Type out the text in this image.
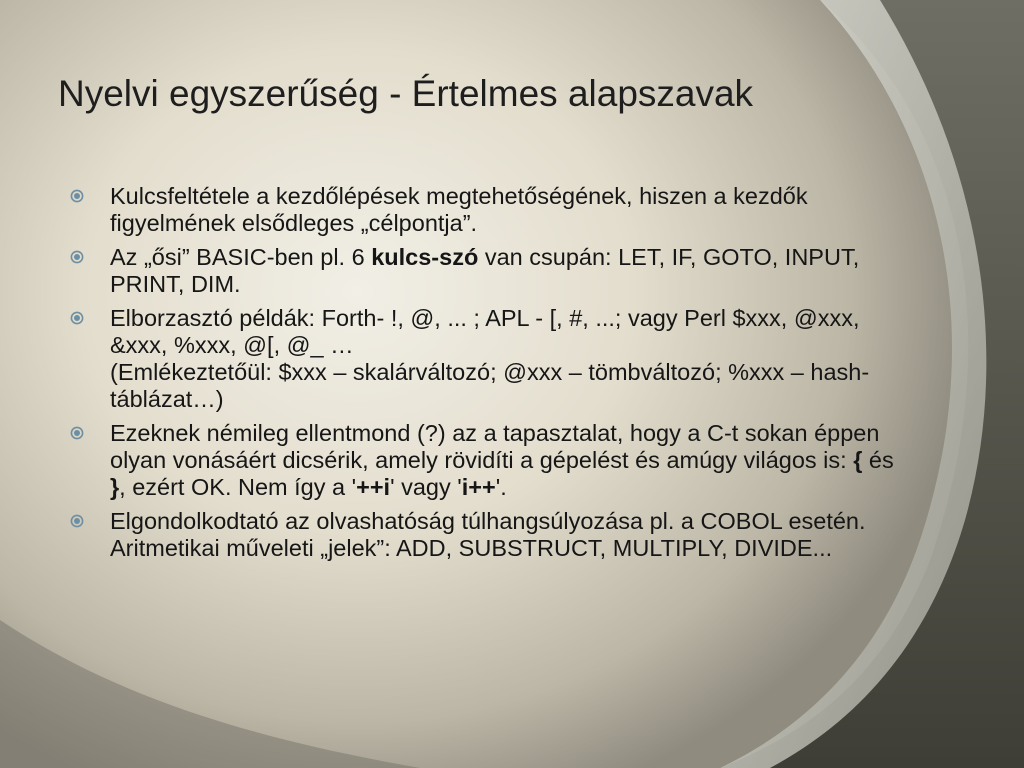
Nyelvi egyszerűség - Értelmes alapszavak
Kulcsfeltétele a kezdőlépések megtehetőségének, hiszen a kezdők figyelmének elsődleges „célpontja”.
Az „ősi” BASIC-ben pl. 6 kulcs-szó van csupán: LET, IF, GOTO, INPUT, PRINT, DIM.
Elborzasztó példák: Forth- !, @, ... ; APL - [, #, ...; vagy Perl $xxx, @xxx, &xxx, %xxx, @[, @_ …
(Emlékeztetőül: $xxx – skalárváltozó; @xxx – tömbváltozó; %xxx – hash-táblázat…)
Ezeknek némileg ellentmond (?) az a tapasztalat, hogy a C-t sokan éppen olyan vonásáért dicsérik, amely rövidíti a gépelést és amúgy világos is: { és }, ezért OK. Nem így a '++i' vagy 'i++'.
Elgondolkodtató az olvashatóság túlhangsúlyozása pl. a COBOL esetén. Aritmetikai műveleti „jelek”: ADD, SUBSTRUCT, MULTIPLY, DIVIDE...
